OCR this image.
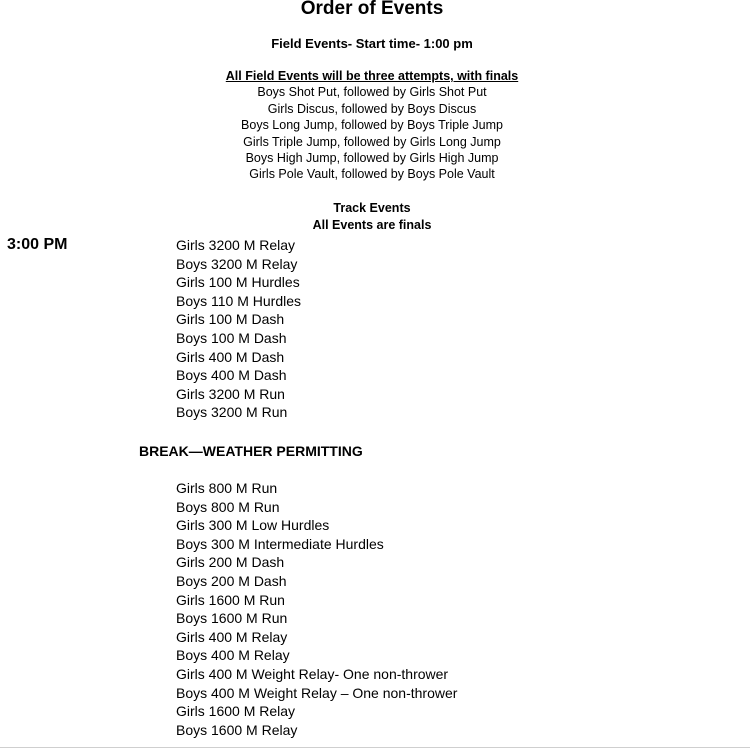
Order of Events
Field Events- Start time- 1:00 pm
All Field Events will be three attempts, with finals
Boys Shot Put, followed by Girls Shot Put
Girls Discus, followed by Boys Discus
Boys Long Jump, followed by Boys Triple Jump
Girls Triple Jump, followed by Girls Long Jump
Boys High Jump, followed by Girls High Jump
Girls Pole Vault, followed by Boys Pole Vault
Track Events
All Events are finals
3:00 PM	Girls 3200 M Relay
Boys 3200 M Relay
Girls 100 M Hurdles
Boys 110 M Hurdles
Girls 100 M Dash
Boys 100 M Dash
Girls 400 M Dash
Boys 400 M Dash
Girls 3200 M Run
Boys 3200 M Run
BREAK—WEATHER PERMITTING
Girls 800 M Run
Boys 800 M Run
Girls 300 M Low Hurdles
Boys 300 M Intermediate Hurdles
Girls 200 M Dash
Boys 200 M Dash
Girls 1600 M Run
Boys 1600 M Run
Girls 400 M Relay
Boys 400 M Relay
Girls 400 M Weight Relay- One non-thrower
Boys 400 M Weight Relay – One non-thrower
Girls 1600 M Relay
Boys 1600 M Relay
